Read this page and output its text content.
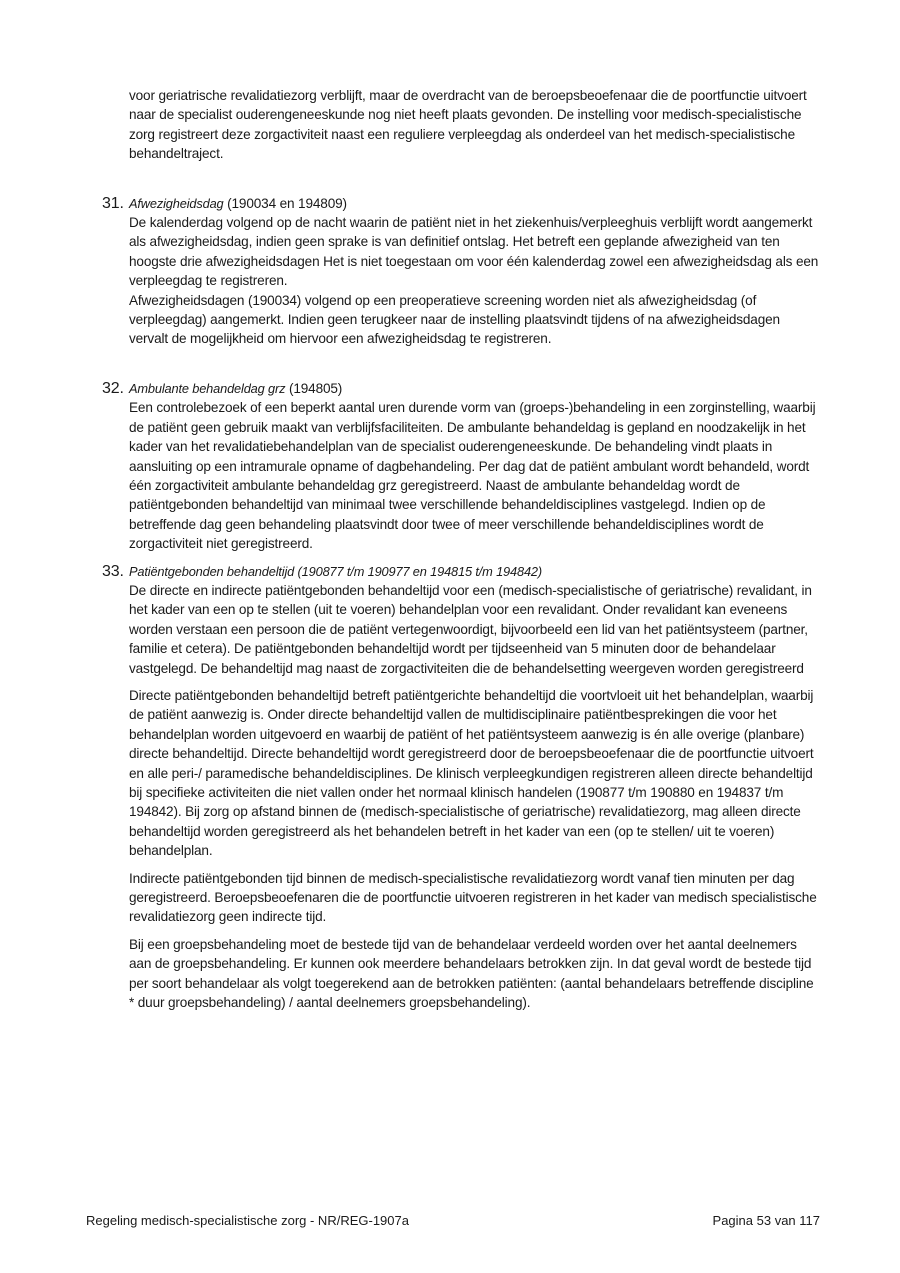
voor geriatrische revalidatiezorg verblijft, maar de overdracht van de beroepsbeoefenaar die de poortfunctie uitvoert naar de specialist ouderengeneeskunde nog niet heeft plaats gevonden. De instelling voor medisch-specialistische zorg registreert deze zorgactiviteit naast een reguliere verpleegdag als onderdeel van het medisch-specialistische behandeltraject.

31. Afwezigheidsdag (190034 en 194809)

De kalenderdag volgend op de nacht waarin de patiënt niet in het ziekenhuis/verpleeghuis verblijft wordt aangemerkt als afwezigheidsdag, indien geen sprake is van definitief ontslag. Het betreft een geplande afwezigheid van ten hoogste drie afwezigheidsdagen Het is niet toegestaan om voor één kalenderdag zowel een afwezigheidsdag als een verpleegdag te registreren.

Afwezigheidsdagen (190034) volgend op een preoperatieve screening worden niet als afwezigheidsdag (of verpleegdag) aangemerkt. Indien geen terugkeer naar de instelling plaatsvindt tijdens of na afwezigheidsdagen vervalt de mogelijkheid om hiervoor een afwezigheidsdag te registreren.

32. Ambulante behandeldag grz (194805)

Een controlebezoek of een beperkt aantal uren durende vorm van (groeps-)behandeling in een zorginstelling, waarbij de patiënt geen gebruik maakt van verblijfsfaciliteiten. De ambulante behandeldag is gepland en noodzakelijk in het kader van het revalidatiebehandelplan van de specialist ouderengeneeskunde. De behandeling vindt plaats in aansluiting op een intramurale opname of dagbehandeling. Per dag dat de patiënt ambulant wordt behandeld, wordt één zorgactiviteit ambulante behandeldag grz geregistreerd. Naast de ambulante behandeldag wordt de patiëntgebonden behandeltijd van minimaal twee verschillende behandeldisciplines vastgelegd. Indien op de betreffende dag geen behandeling plaatsvindt door twee of meer verschillende behandeldisciplines wordt de zorgactiviteit niet geregistreerd.

33. Patiëntgebonden behandeltijd (190877 t/m 190977 en 194815 t/m 194842)

De directe en indirecte patiëntgebonden behandeltijd voor een (medisch-specialistische of geriatrische) revalidant, in het kader van een op te stellen (uit te voeren) behandelplan voor een revalidant. Onder revalidant kan eveneens worden verstaan een persoon die de patiënt vertegenwoordigt, bijvoorbeeld een lid van het patiëntsysteem (partner, familie et cetera). De patiëntgebonden behandeltijd wordt per tijdseenheid van 5 minuten door de behandelaar vastgelegd. De behandeltijd mag naast de zorgactiviteiten die de behandelsetting weergeven worden geregistreerd

Directe patiëntgebonden behandeltijd betreft patiëntgerichte behandeltijd die voortvloeit uit het behandelplan, waarbij de patiënt aanwezig is. Onder directe behandeltijd vallen de multidisciplinaire patiëntbesprekingen die voor het behandelplan worden uitgevoerd en waarbij de patiënt of het patiëntsysteem aanwezig is én alle overige (planbare) directe behandeltijd. Directe behandeltijd wordt geregistreerd door de beroepsbeoefenaar die de poortfunctie uitvoert en alle peri-/ paramedische behandeldisciplines. De klinisch verpleegkundigen registreren alleen directe behandeltijd bij specifieke activiteiten die niet vallen onder het normaal klinisch handelen (190877 t/m 190880 en 194837 t/m 194842). Bij zorg op afstand binnen de (medisch-specialistische of geriatrische) revalidatiezorg, mag alleen directe behandeltijd worden geregistreerd als het behandelen betreft in het kader van een (op te stellen/ uit te voeren) behandelplan.

Indirecte patiëntgebonden tijd binnen de medisch-specialistische revalidatiezorg wordt vanaf tien minuten per dag geregistreerd. Beroepsbeoefenaren die de poortfunctie uitvoeren registreren in het kader van medisch specialistische revalidatiezorg geen indirecte tijd.

Bij een groepsbehandeling moet de bestede tijd van de behandelaar verdeeld worden over het aantal deelnemers aan de groepsbehandeling. Er kunnen ook meerdere behandelaars betrokken zijn. In dat geval wordt de bestede tijd per soort behandelaar als volgt toegerekend aan de betrokken patiënten: (aantal behandelaars betreffende discipline * duur groepsbehandeling) / aantal deelnemers groepsbehandeling).

Regeling medisch-specialistische zorg - NR/REG-1907a	Pagina 53 van 117
